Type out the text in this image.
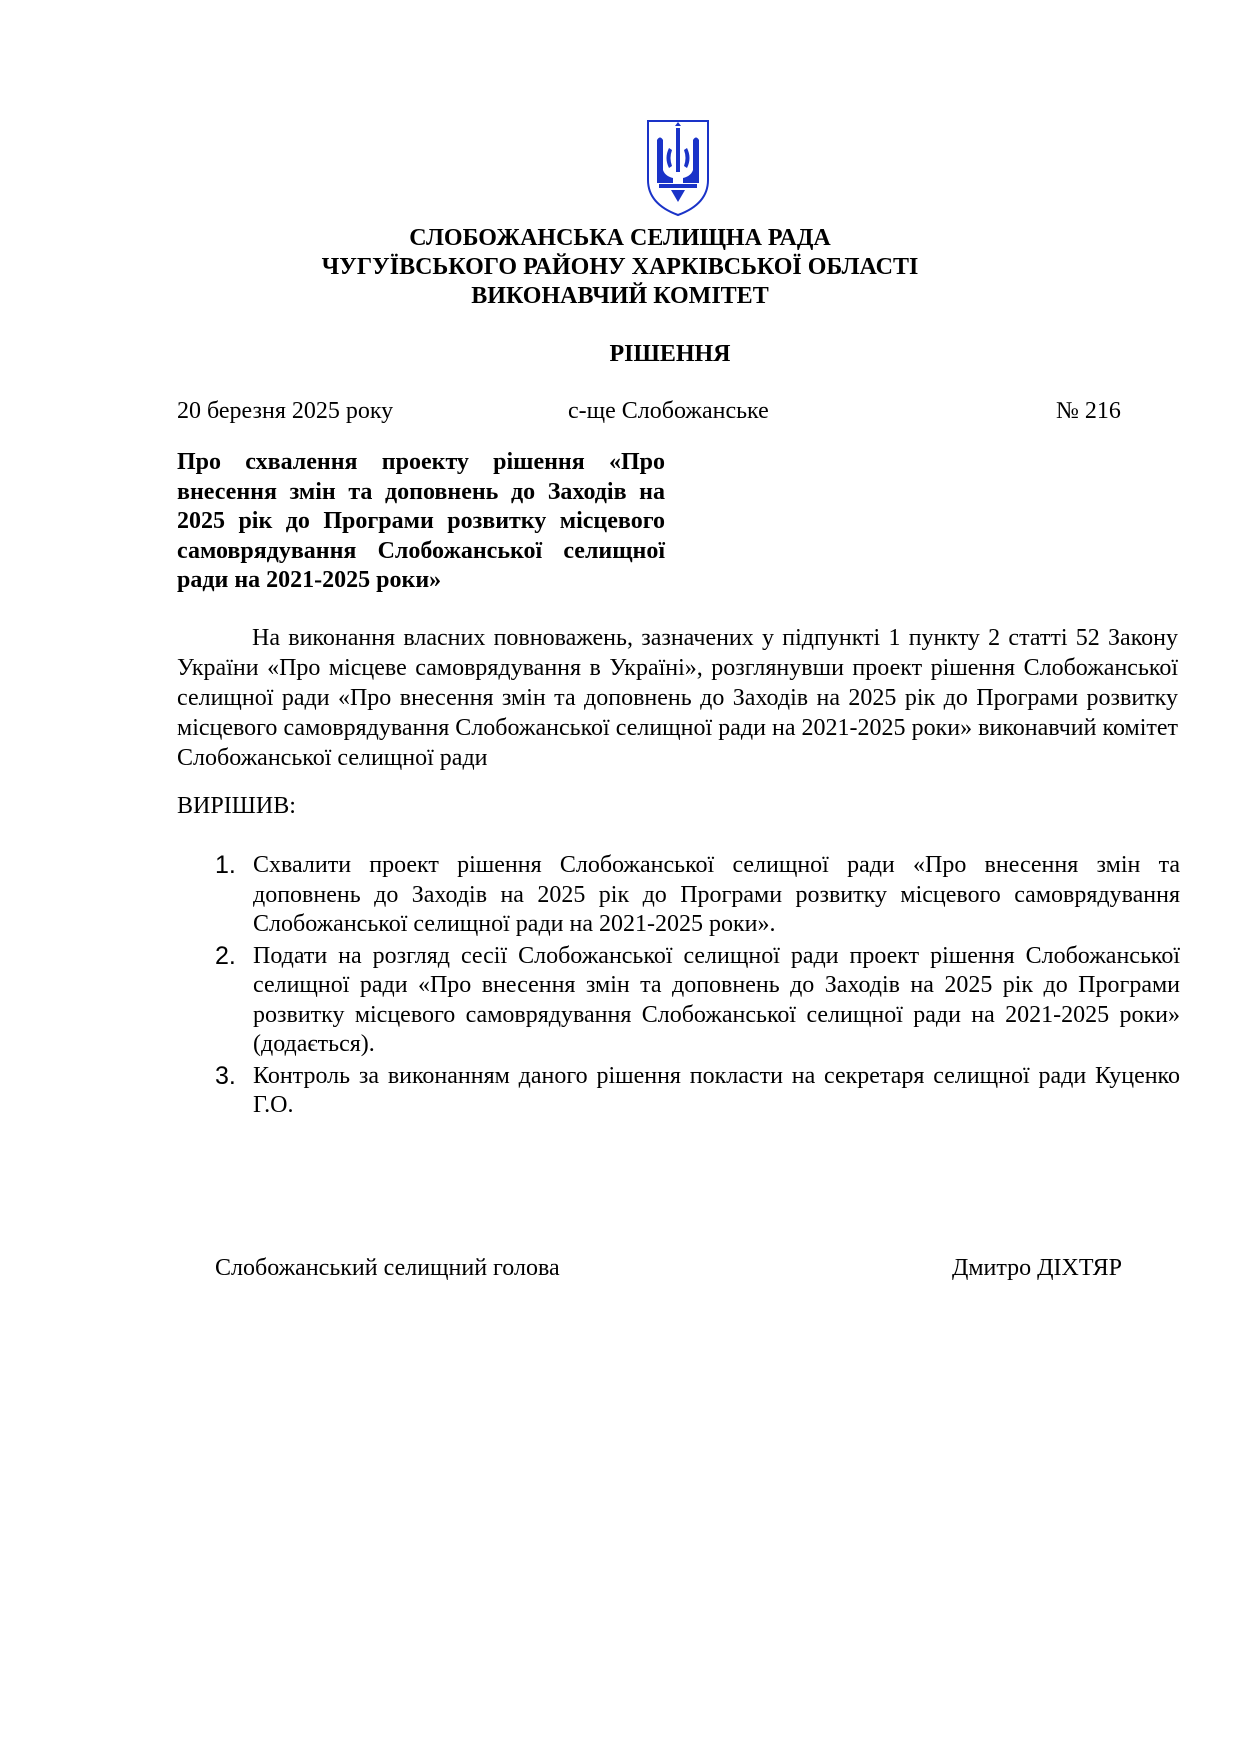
СЛОБОЖАНСЬКА СЕЛИЩНА РАДА
ЧУГУЇВСЬКОГО РАЙОНУ ХАРКІВСЬКОЇ ОБЛАСТІ
ВИКОНАВЧИЙ КОМІТЕТ
РІШЕННЯ
20 березня 2025 року	с-ще Слобожанське	№ 216
Про схвалення проекту рішення «Про
внесення змін та доповнень до Заходів на
2025 рік до Програми розвитку місцевого
самоврядування Слобожанської селищної
ради на 2021-2025 роки»
На виконання власних повноважень, зазначених у підпункті 1 пункту 2 статті 52 Закону України «Про місцеве самоврядування в Україні», розглянувши проект рішення Слобожанської селищної ради «Про внесення змін та доповнень до Заходів на 2025 рік до Програми розвитку місцевого самоврядування Слобожанської селищної ради на 2021-2025 роки» виконавчий комітет Слобожанської селищної ради
ВИРІШИВ:
1. Схвалити проект рішення Слобожанської селищної ради «Про внесення змін та доповнень до Заходів на 2025 рік до Програми розвитку місцевого самоврядування Слобожанської селищної ради на 2021-2025 роки».
2. Подати на розгляд сесії Слобожанської селищної ради проект рішення Слобожанської селищної ради «Про внесення змін та доповнень до Заходів на 2025 рік до Програми розвитку місцевого самоврядування Слобожанської селищної ради на 2021-2025 роки» (додається).
3. Контроль за виконанням даного рішення покласти на секретаря селищної ради Куценко Г.О.
Слобожанський селищний голова	Дмитро ДІХТЯР
